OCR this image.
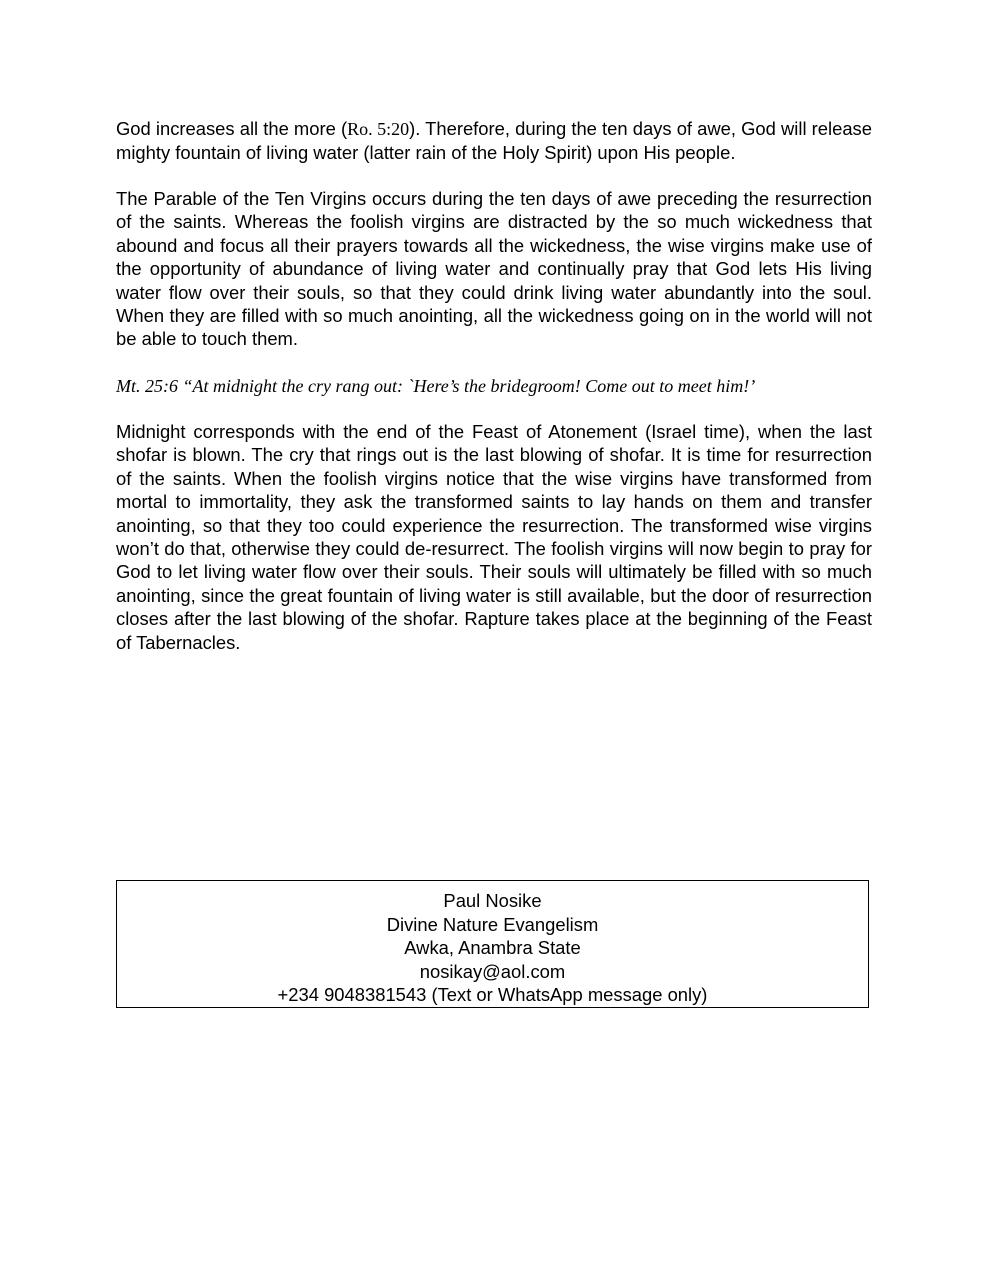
God increases all the more (Ro. 5:20). Therefore, during the ten days of awe, God will release mighty fountain of living water (latter rain of the Holy Spirit) upon His people.

The Parable of the Ten Virgins occurs during the ten days of awe preceding the resurrection of the saints. Whereas the foolish virgins are distracted by the so much wickedness that abound and focus all their prayers towards all the wickedness, the wise virgins make use of the opportunity of abundance of living water and continually pray that God lets His living water flow over their souls, so that they could drink living water abundantly into the soul. When they are filled with so much anointing, all the wickedness going on in the world will not be able to touch them.

Mt. 25:6 “At midnight the cry rang out: `Here’s the bridegroom! Come out to meet him!’

Midnight corresponds with the end of the Feast of Atonement (Israel time), when the last shofar is blown. The cry that rings out is the last blowing of shofar. It is time for resurrection of the saints. When the foolish virgins notice that the wise virgins have transformed from mortal to immortality, they ask the transformed saints to lay hands on them and transfer anointing, so that they too could experience the resurrection. The transformed wise virgins won’t do that, otherwise they could de-resurrect. The foolish virgins will now begin to pray for God to let living water flow over their souls. Their souls will ultimately be filled with so much anointing, since the great fountain of living water is still available, but the door of resurrection closes after the last blowing of the shofar. Rapture takes place at the beginning of the Feast of Tabernacles.

Paul Nosike
Divine Nature Evangelism
Awka, Anambra State
nosikay@aol.com
+234 9048381543 (Text or WhatsApp message only)
